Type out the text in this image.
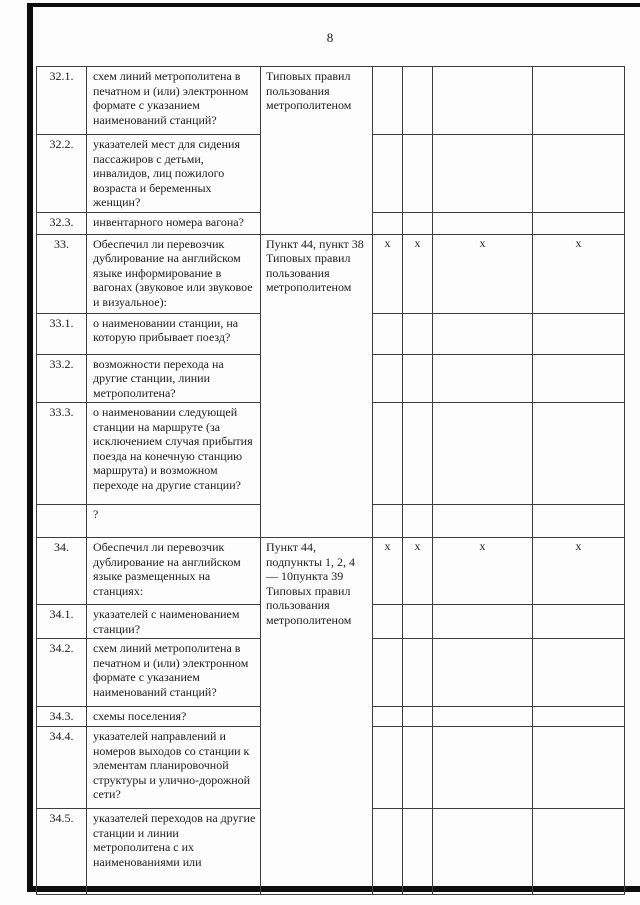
8
32.1.	схем линий метрополитена в печатном и (или) электронном формате с указанием наименований станций?	Типовых правил пользования метрополитеном				
32.2.	указателей мест для сидения пассажиров с детьми, инвалидов, лиц пожилого возраста и беременных женщин?					
32.3.	инвентарного номера вагона?					
33.	Обеспечил ли перевозчик дублирование на английском языке информирование в вагонах (звуковое или звуковое и визуальное):	Пункт 44, пункт 38 Типовых правил пользования метрополитеном	x	x	x	x
33.1.	о наименовании станции, на которую прибывает поезд?					
33.2.	возможности перехода на другие станции, линии метрополитена?					
33.3.	о наименовании следующей станции на маршруте (за исключением случая прибытия поезда на конечную станцию маршрута) и возможном переходе на другие станции?					
	?					
34.	Обеспечил ли перевозчик дублирование на английском языке размещенных на станциях:	Пункт 44, подпункты 1, 2, 4 — 10пункта 39 Типовых правил пользования метрополитеном	x	x	x	x
34.1.	указателей с наименованием станции?					
34.2.	схем линий метрополитена в печатном и (или) электронном формате с указанием наименований станций?					
34.3.	схемы поселения?					
34.4.	указателей направлений и номеров выходов со станции к элементам планировочной структуры и улично-дорожной сети?					
34.5.	указателей переходов на другие станции и линии метрополитена с их наименованиями или					
